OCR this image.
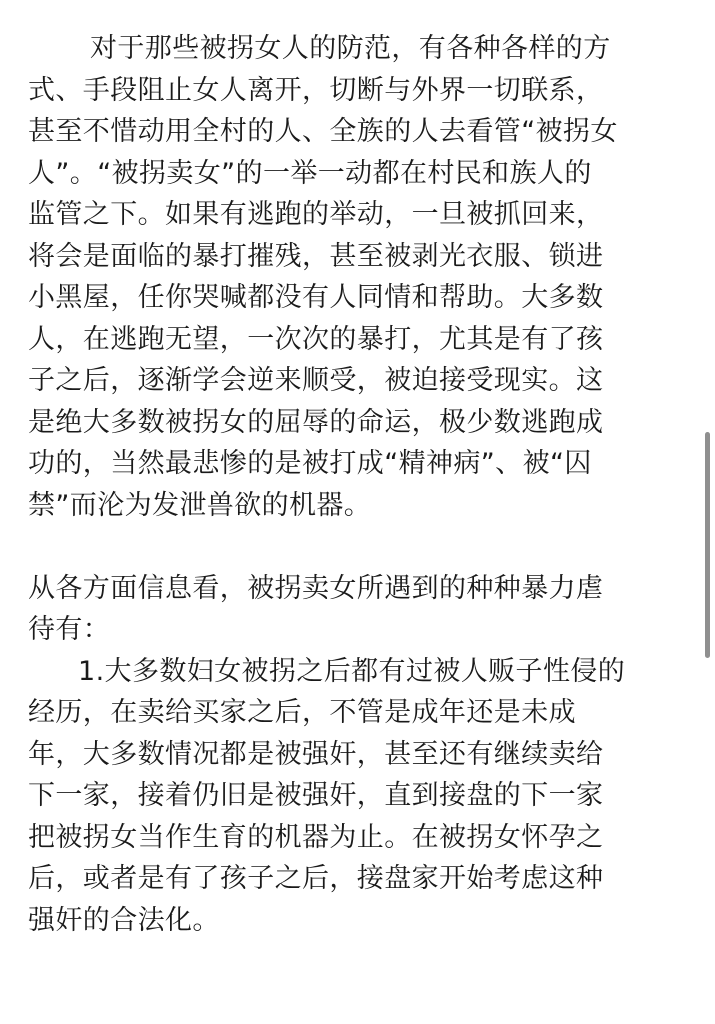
对于那些被拐女人的防范，有各种各样的方
式、手段阻止女人离开，切断与外界一切联系，
甚至不惜动用全村的人、全族的人去看管“被拐女
人”。“被拐卖女”的一举一动都在村民和族人的
监管之下。如果有逃跑的举动，一旦被抓回来，
将会是面临的暴打摧残，甚至被剥光衣服、锁进
小黑屋，任你哭喊都没有人同情和帮助。大多数
人，在逃跑无望，一次次的暴打，尤其是有了孩
子之后，逐渐学会逆来顺受，被迫接受现实。这
是绝大多数被拐女的屈辱的命运，极少数逃跑成
功的，当然最悲惨的是被打成“精神病”、被“囚
禁”而沦为发泄兽欲的机器。
从各方面信息看，被拐卖女所遇到的种种暴力虐
待有：
1.大多数妇女被拐之后都有过被人贩子性侵的
经历，在卖给买家之后，不管是成年还是未成
年，大多数情况都是被强奸，甚至还有继续卖给
下一家，接着仍旧是被强奸，直到接盘的下一家
把被拐女当作生育的机器为止。在被拐女怀孕之
后，或者是有了孩子之后，接盘家开始考虑这种
强奸的合法化。
